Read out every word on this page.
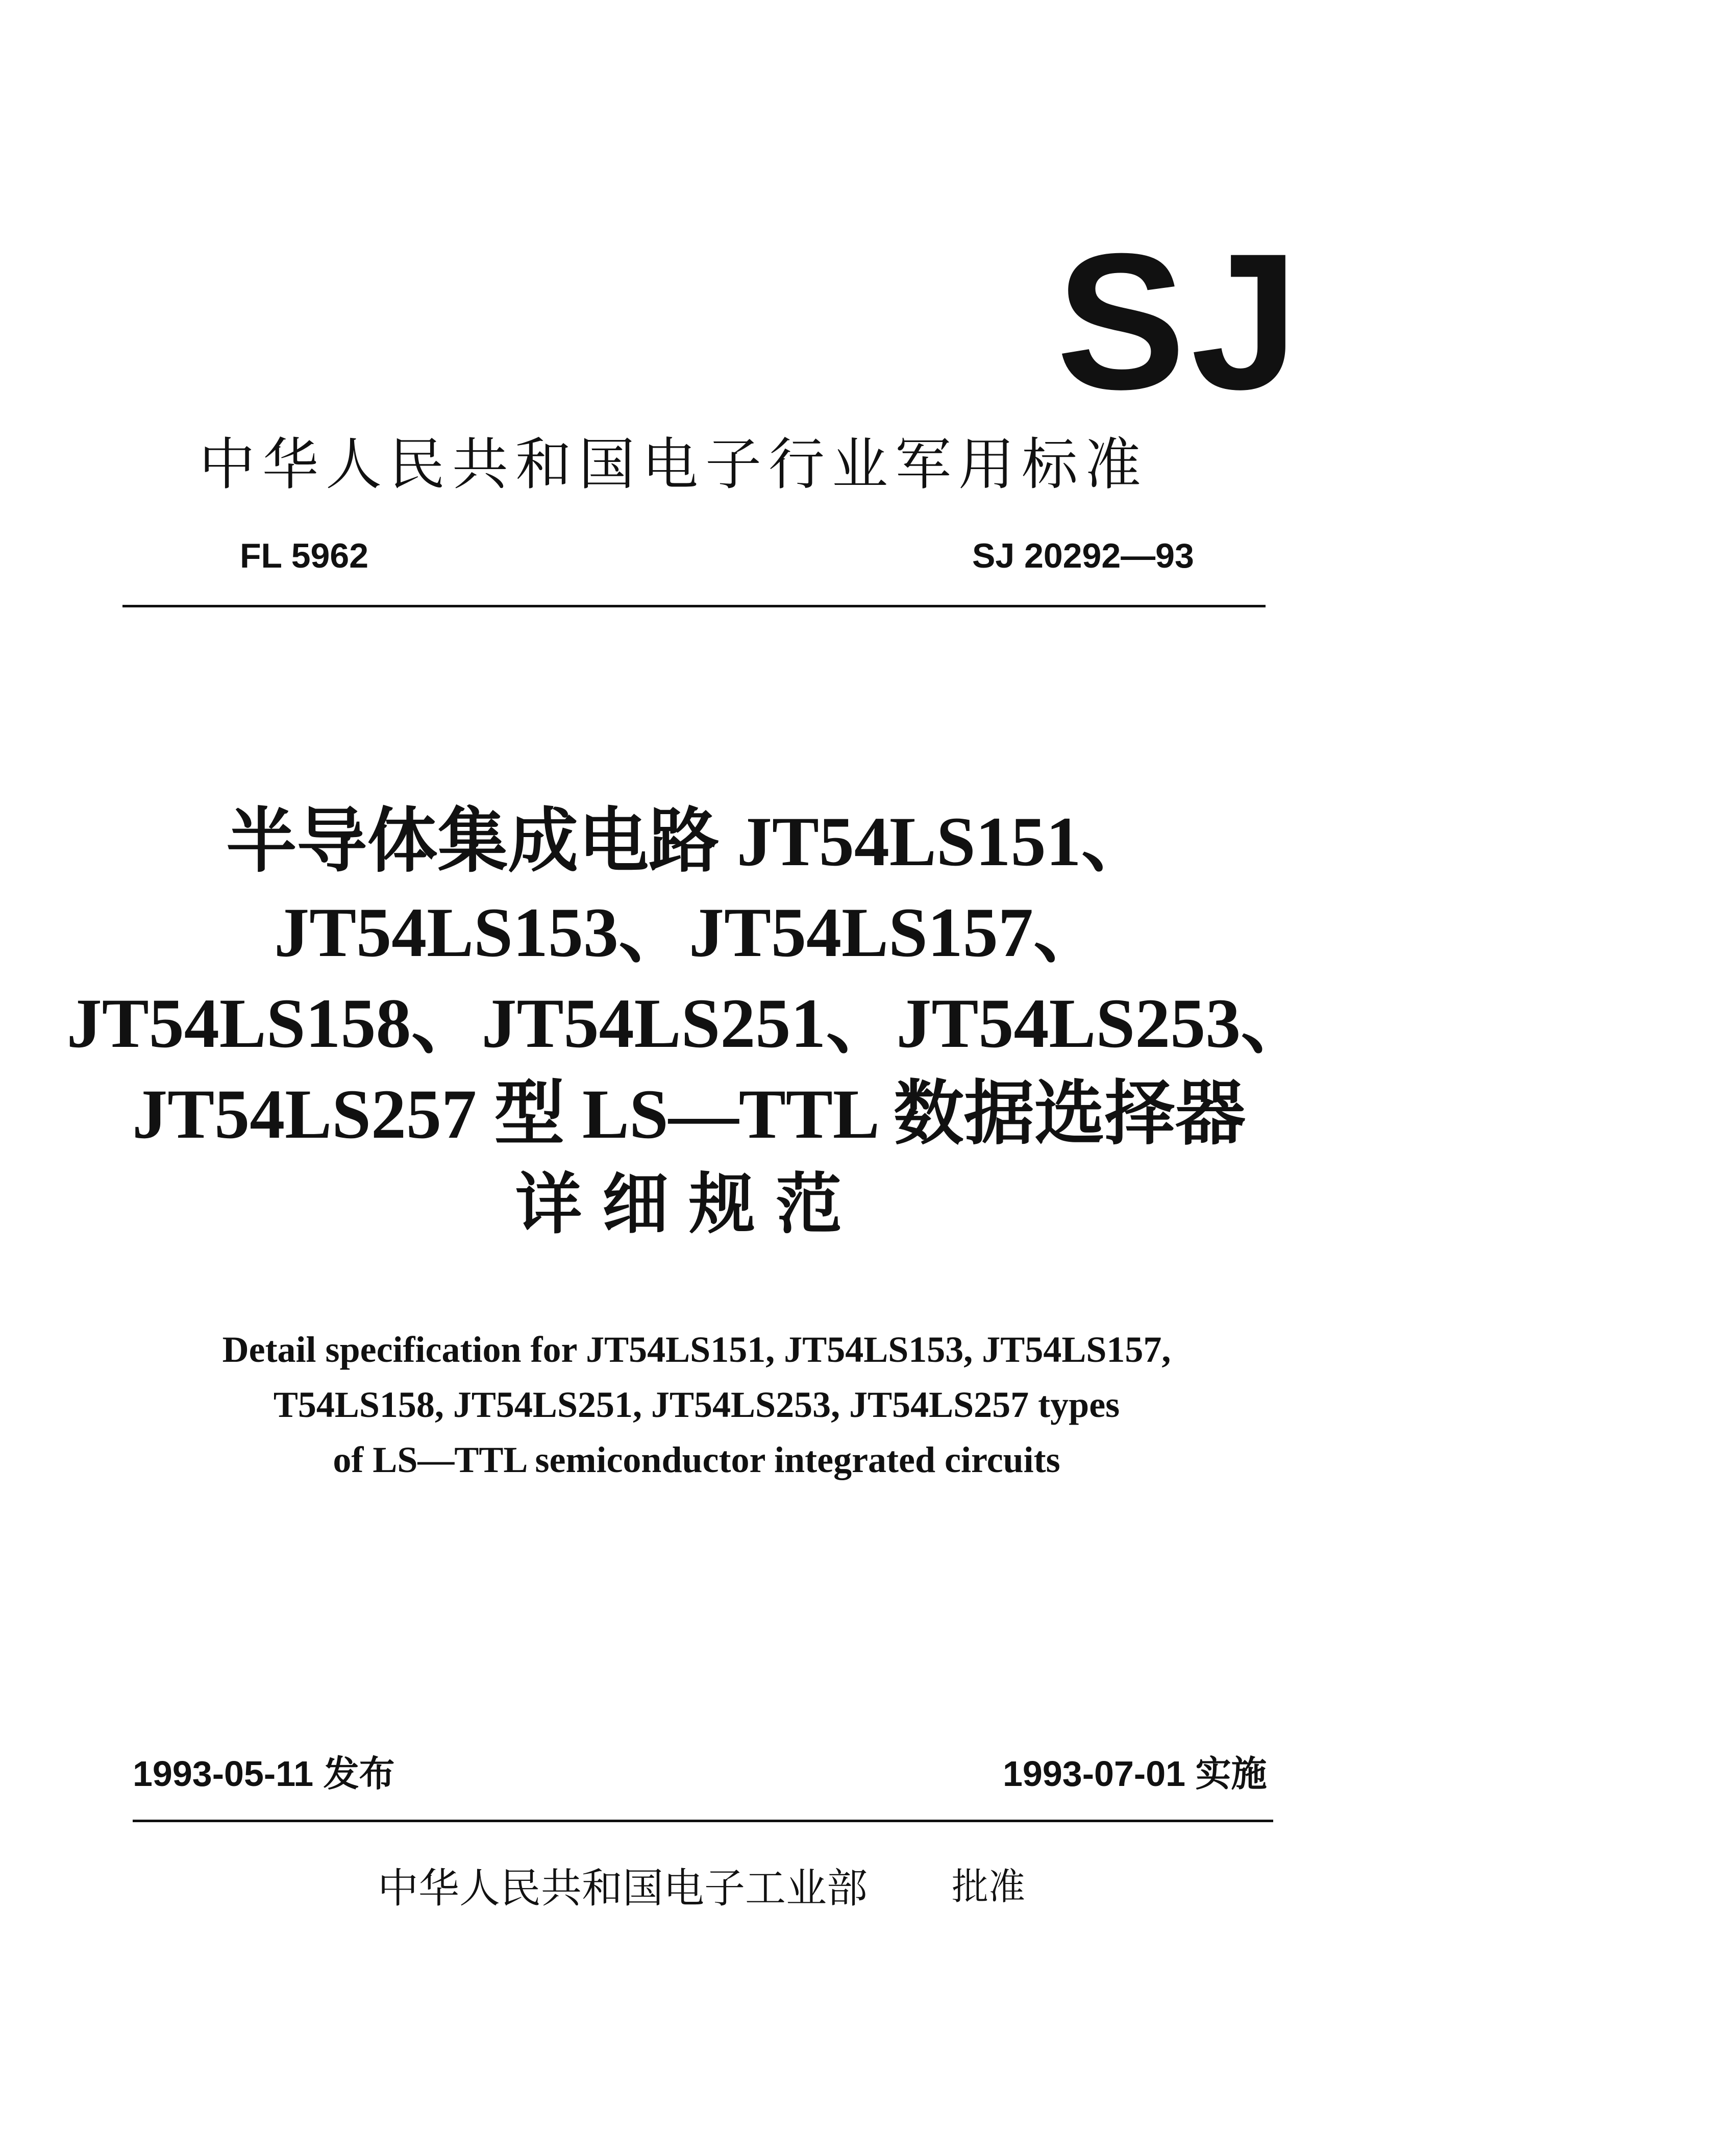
SJ
中华人民共和国电子行业军用标准
FL 5962	SJ 20292—93
半导体集成电路 JT54LS151、
JT54LS153、JT54LS157、
JT54LS158、JT54LS251、JT54LS253、
JT54LS257 型 LS—TTL 数据选择器
详细规范
Detail specification for JT54LS151, JT54LS153, JT54LS157,
T54LS158, JT54LS251, JT54LS253, JT54LS257 types
of LS—TTL semiconductor integrated circuits
1993-05-11 发布	1993-07-01 实施
中华人民共和国电子工业部 批准
